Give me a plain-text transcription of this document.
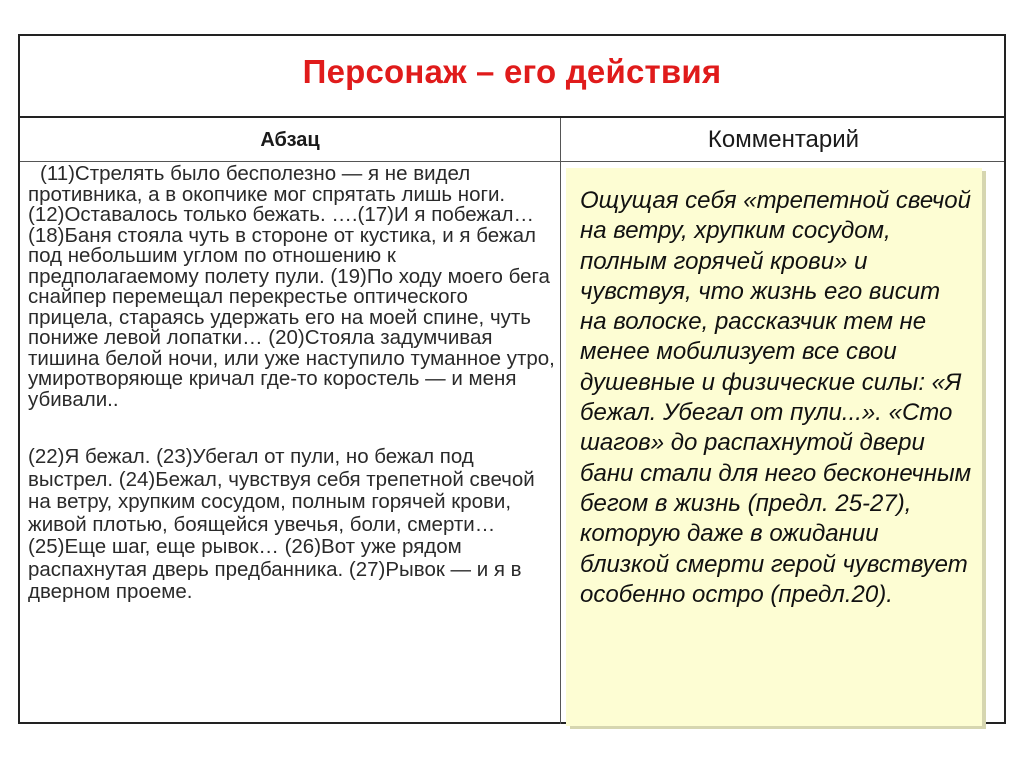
Персонаж – его действия
Абзац	Комментарий

(11)Стрелять было бесполезно — я не видел противника, а в окопчике мог спрятать лишь ноги. (12)Оставалось только бежать. ….(17)И я побежал…(18)Баня стояла чуть в стороне от кустика, и я бежал под небольшим углом по отношению к предполагаемому полету пули. (19)По ходу моего бега снайпер перемещал перекрестье оптического прицела, стараясь удержать его на моей спине, чуть пониже левой лопатки… (20)Стояла задумчивая тишина белой ночи, или уже наступило туманное утро, умиротворяюще кричал где-то коростель — и меня убивали..

(22)Я бежал. (23)Убегал от пули, но бежал под выстрел. (24)Бежал, чувствуя себя трепетной свечой на ветру, хрупким сосудом, полным горячей крови, живой плотью, боящейся увечья, боли, смерти… (25)Еще шаг, еще рывок… (26)Вот уже рядом распахнутая дверь предбанника. (27)Рывок — и я в дверном проеме.

Ощущая себя «трепетной свечой на ветру, хрупким сосудом, полным горячей крови» и чувствуя, что жизнь его висит на волоске, рассказчик тем не менее мобилизует все свои душевные и физические силы: «Я бежал. Убегал от пули...». «Сто шагов» до распахнутой двери бани стали для него бесконечным бегом в жизнь (предл. 25-27), которую даже в ожидании близкой смерти герой чувствует особенно остро (предл.20).
